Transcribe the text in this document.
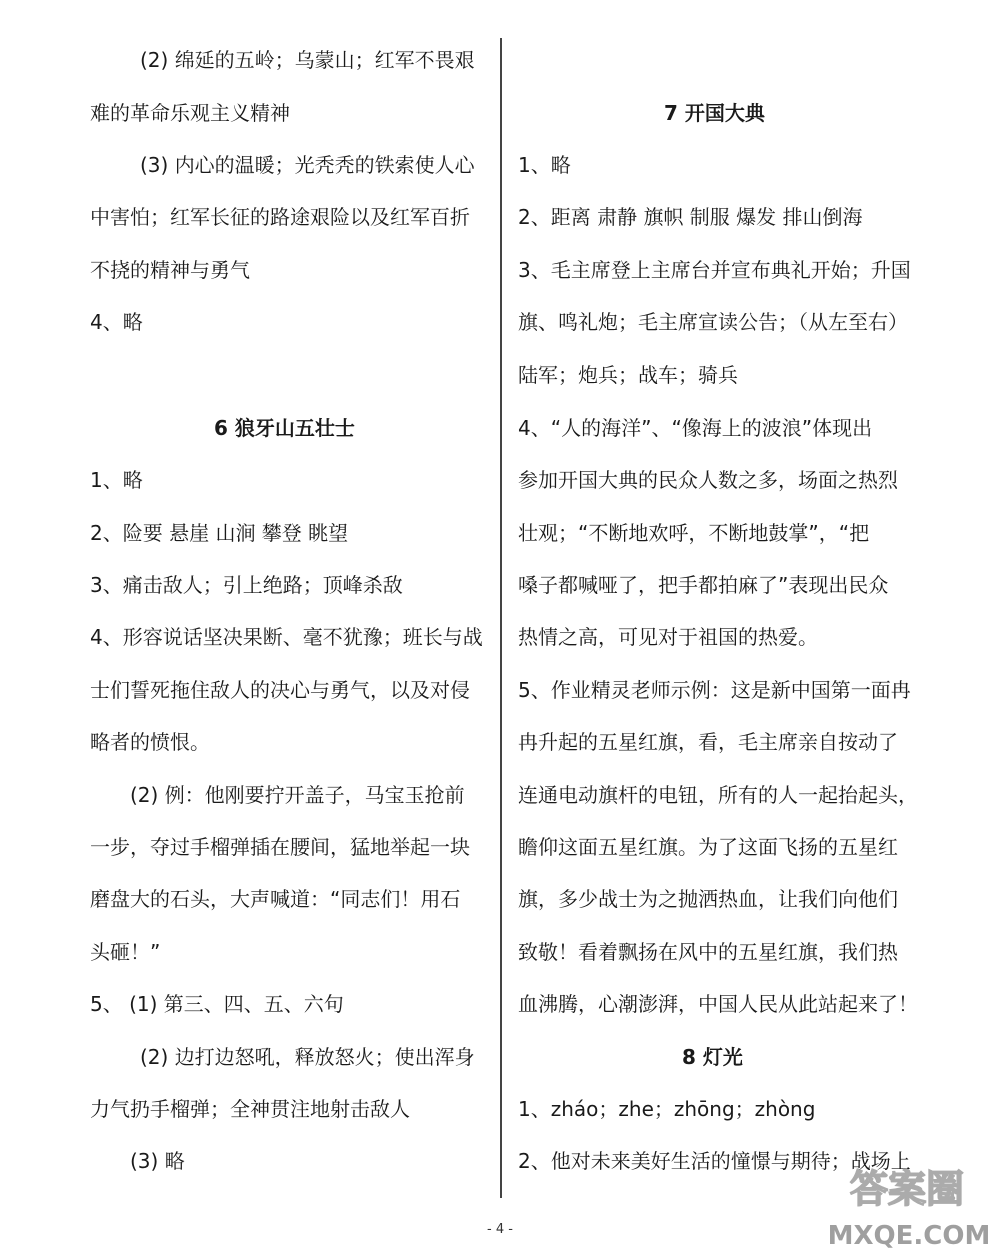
(2) 绵延的五岭；乌蒙山；红军不畏艰
难的革命乐观主义精神
(3) 内心的温暖；光秃秃的铁索使人心
中害怕；红军长征的路途艰险以及红军百折
不挠的精神与勇气
4、略
6 狼牙山五壮士
1、略
2、险要 悬崖 山涧 攀登 眺望
3、痛击敌人；引上绝路；顶峰杀敌
4、形容说话坚决果断、毫不犹豫；班长与战
士们誓死拖住敌人的决心与勇气，以及对侵
略者的愤恨。
(2) 例：他刚要拧开盖子，马宝玉抢前
一步，夺过手榴弹插在腰间，猛地举起一块
磨盘大的石头，大声喊道：“同志们！用石
头砸！”
5、 (1) 第三、四、五、六句
(2) 边打边怒吼，释放怒火；使出浑身
力气扔手榴弹；全神贯注地射击敌人
(3) 略
7 开国大典
1、略
2、距离 肃静 旗帜 制服 爆发 排山倒海
3、毛主席登上主席台并宣布典礼开始；升国
旗、鸣礼炮；毛主席宣读公告；（从左至右）
陆军；炮兵；战车；骑兵
4、“人的海洋”、“像海上的波浪”体现出
参加开国大典的民众人数之多，场面之热烈
壮观；“不断地欢呼，不断地鼓掌”，“把
嗓子都喊哑了，把手都拍麻了”表现出民众
热情之高，可见对于祖国的热爱。
5、作业精灵老师示例：这是新中国第一面冉
冉升起的五星红旗，看，毛主席亲自按动了
连通电动旗杆的电钮，所有的人一起抬起头，
瞻仰这面五星红旗。为了这面飞扬的五星红
旗，多少战士为之抛洒热血，让我们向他们
致敬！看着飘扬在风中的五星红旗，我们热
血沸腾，心潮澎湃，中国人民从此站起来了！
8 灯光
1、zháo；zhe；zhōng；zhòng
2、他对未来美好生活的憧憬与期待；战场上
- 4 -
答案圈
MXQE.COM
